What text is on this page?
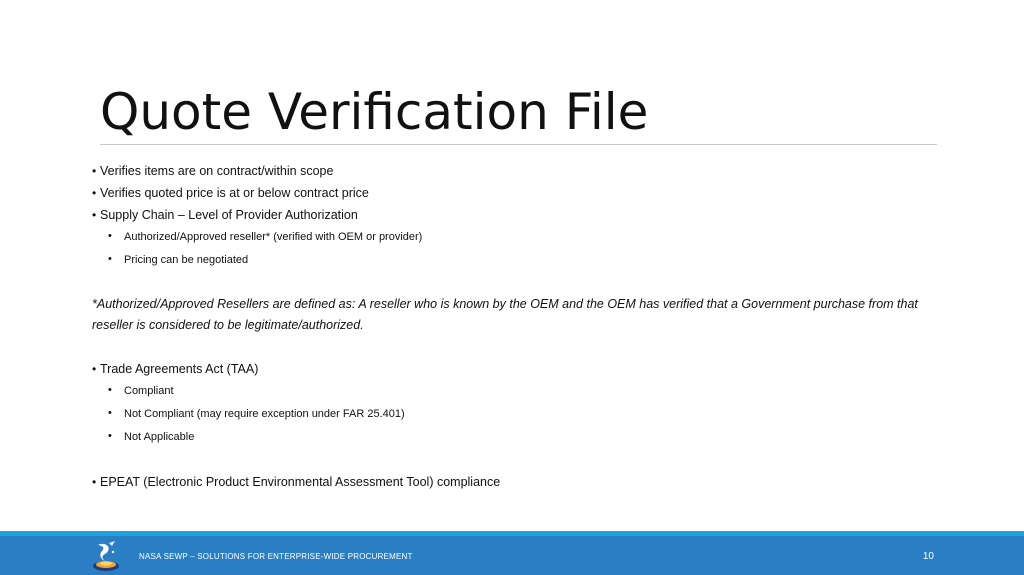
Quote Verification File
• Verifies items are on contract/within scope
• Verifies quoted price is at or below contract price
• Supply Chain – Level of Provider Authorization
• Authorized/Approved reseller* (verified with OEM or provider)
• Pricing can be negotiated
*Authorized/Approved Resellers are defined as: A reseller who is known by the OEM and the OEM has verified that a Government purchase from that
reseller is considered to be legitimate/authorized.
• Trade Agreements Act (TAA)
• Compliant
• Not Compliant (may require exception under FAR 25.401)
• Not Applicable
• EPEAT (Electronic Product Environmental Assessment Tool) compliance
NASA SEWP – SOLUTIONS FOR ENTERPRISE-WIDE PROCUREMENT	10
